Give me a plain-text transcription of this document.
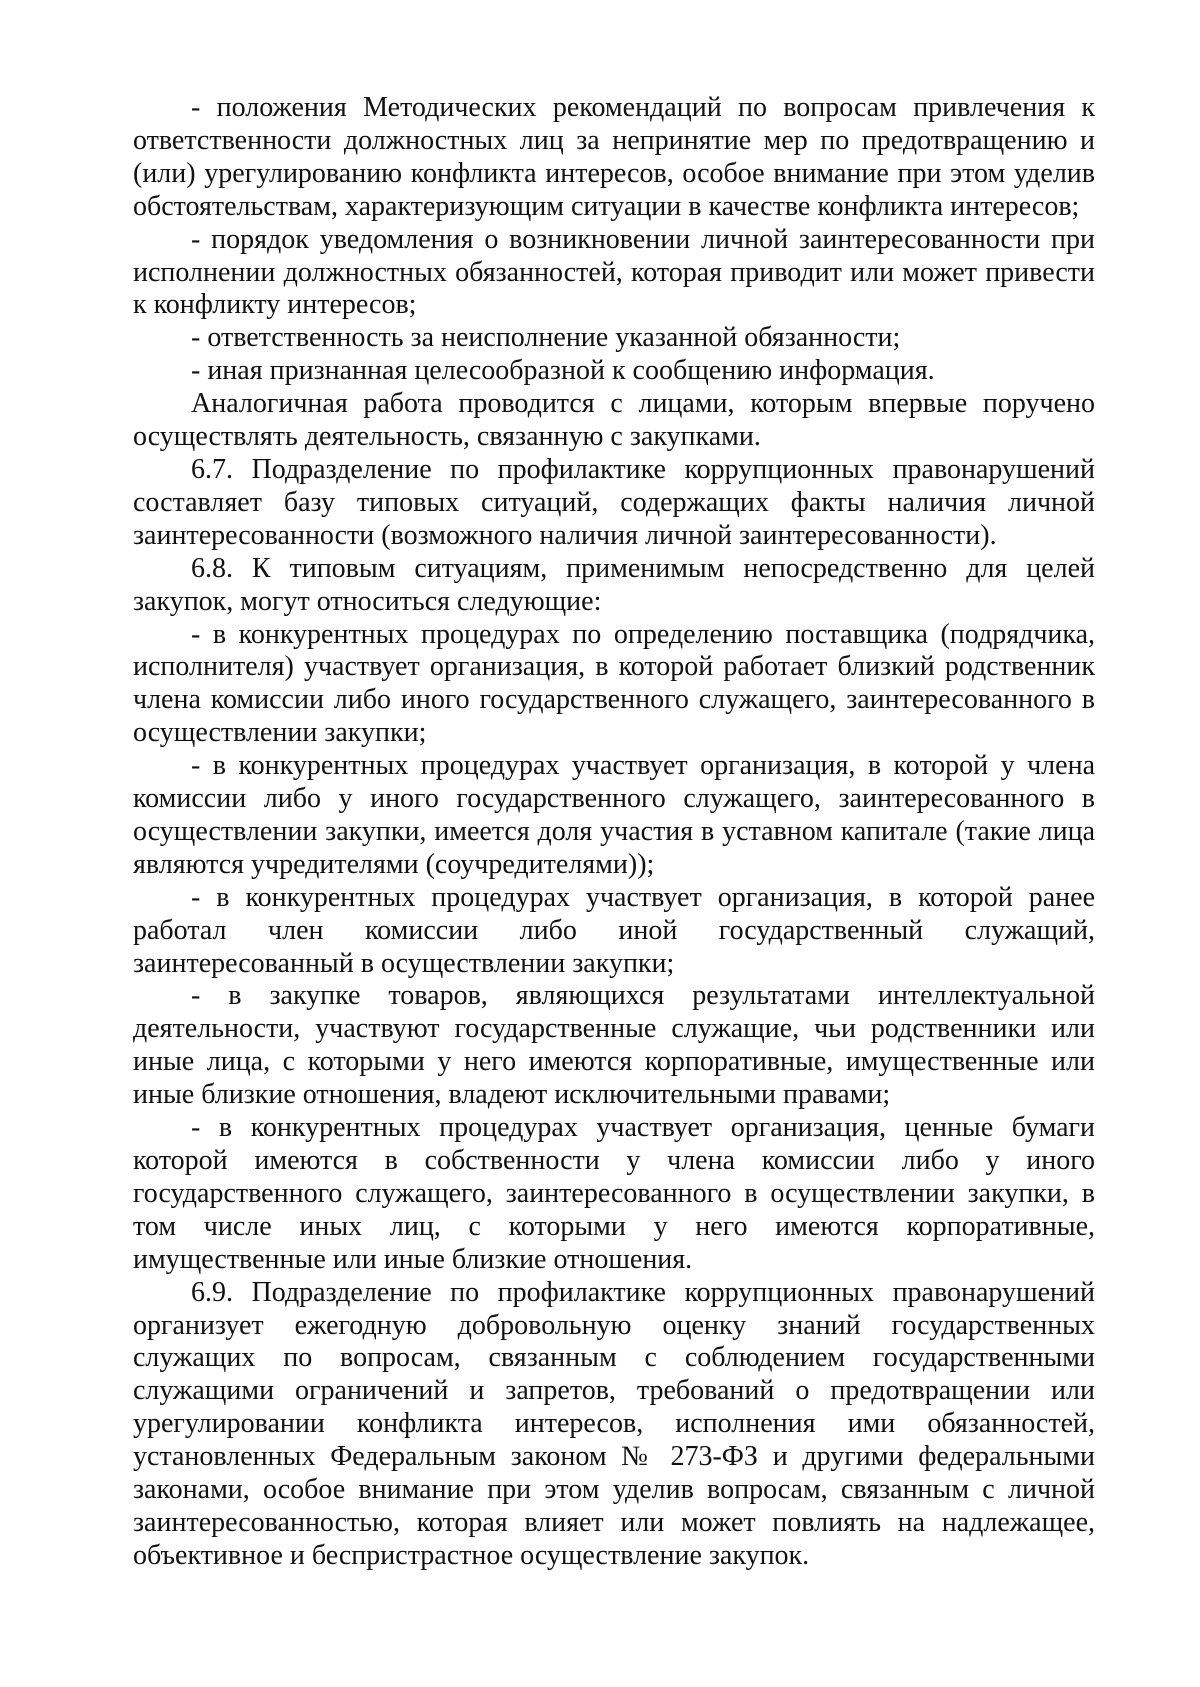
- положения Методических рекомендаций по вопросам привлечения к ответственности должностных лиц за непринятие мер по предотвращению и (или) урегулированию конфликта интересов, особое внимание при этом уделив обстоятельствам, характеризующим ситуации в качестве конфликта интересов;

- порядок уведомления о возникновении личной заинтересованности при исполнении должностных обязанностей, которая приводит или может привести к конфликту интересов;

- ответственность за неисполнение указанной обязанности;

- иная признанная целесообразной к сообщению информация.

Аналогичная работа проводится с лицами, которым впервые поручено осуществлять деятельность, связанную с закупками.

6.7. Подразделение по профилактике коррупционных правонарушений составляет базу типовых ситуаций, содержащих факты наличия личной заинтересованности (возможного наличия личной заинтересованности).

6.8. К типовым ситуациям, применимым непосредственно для целей закупок, могут относиться следующие:

- в конкурентных процедурах по определению поставщика (подрядчика, исполнителя) участвует организация, в которой работает близкий родственник члена комиссии либо иного государственного служащего, заинтересованного в осуществлении закупки;

- в конкурентных процедурах участвует организация, в которой у члена комиссии либо у иного государственного служащего, заинтересованного в осуществлении закупки, имеется доля участия в уставном капитале (такие лица являются учредителями (соучредителями));

- в конкурентных процедурах участвует организация, в которой ранее работал член комиссии либо иной государственный служащий, заинтересованный в осуществлении закупки;

- в закупке товаров, являющихся результатами интеллектуальной деятельности, участвуют государственные служащие, чьи родственники или иные лица, с которыми у него имеются корпоративные, имущественные или иные близкие отношения, владеют исключительными правами;

- в конкурентных процедурах участвует организация, ценные бумаги которой имеются в собственности у члена комиссии либо у иного государственного служащего, заинтересованного в осуществлении закупки, в том числе иных лиц, с которыми у него имеются корпоративные, имущественные или иные близкие отношения.

6.9. Подразделение по профилактике коррупционных правонарушений организует ежегодную добровольную оценку знаний государственных служащих по вопросам, связанным с соблюдением государственными служащими ограничений и запретов, требований о предотвращении или урегулировании конфликта интересов, исполнения ими обязанностей, установленных Федеральным законом № 273-ФЗ и другими федеральными законами, особое внимание при этом уделив вопросам, связанным с личной заинтересованностью, которая влияет или может повлиять на надлежащее, объективное и беспристрастное осуществление закупок.
